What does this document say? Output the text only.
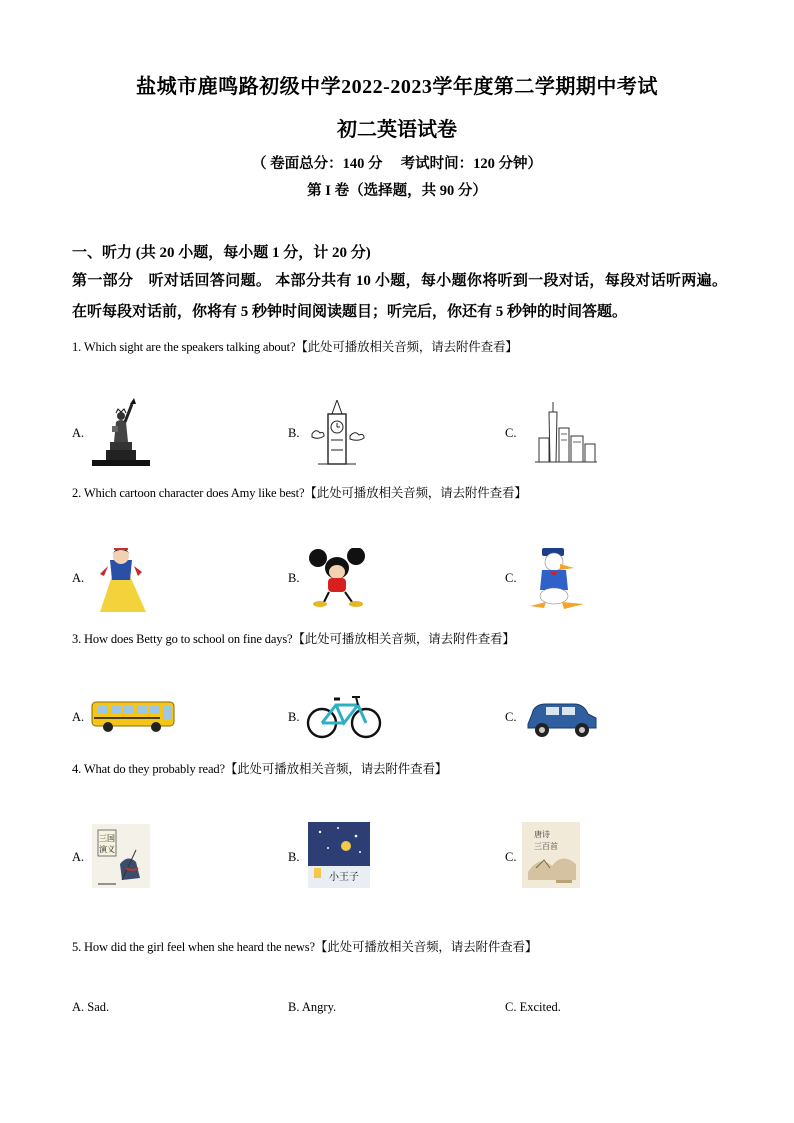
盐城市鹿鸣路初级中学2022-2023学年度第二学期期中考试
初二英语试卷
（ 卷面总分：140 分　 考试时间：120 分钟）
第 I 卷（选择题，共 90 分）
一、听力 (共 20 小题，每小题 1 分，计 20 分)
第一部分　听对话回答问题。 本部分共有 10 小题，每小题你将听到一段对话，每段对话听两遍。在听每段对话前，你将有 5 秒钟时间阅读题目；听完后，你还有 5 秒钟的时间答题。
1. Which sight are the speakers talking about?【此处可播放相关音频，请去附件查看】
A.	B.	C.
2. Which cartoon character does Amy like best?【此处可播放相关音频，请去附件查看】
A.	B.	C.
3. How does Betty go to school on fine days?【此处可播放相关音频，请去附件查看】
A.	B.	C.
4. What do they probably read?【此处可播放相关音频，请去附件查看】
A.	B.	C.
三国
演义
小王子
唐诗
三百首
5. How did the girl feel when she heard the news?【此处可播放相关音频，请去附件查看】
A. Sad.	B. Angry.	C. Excited.
